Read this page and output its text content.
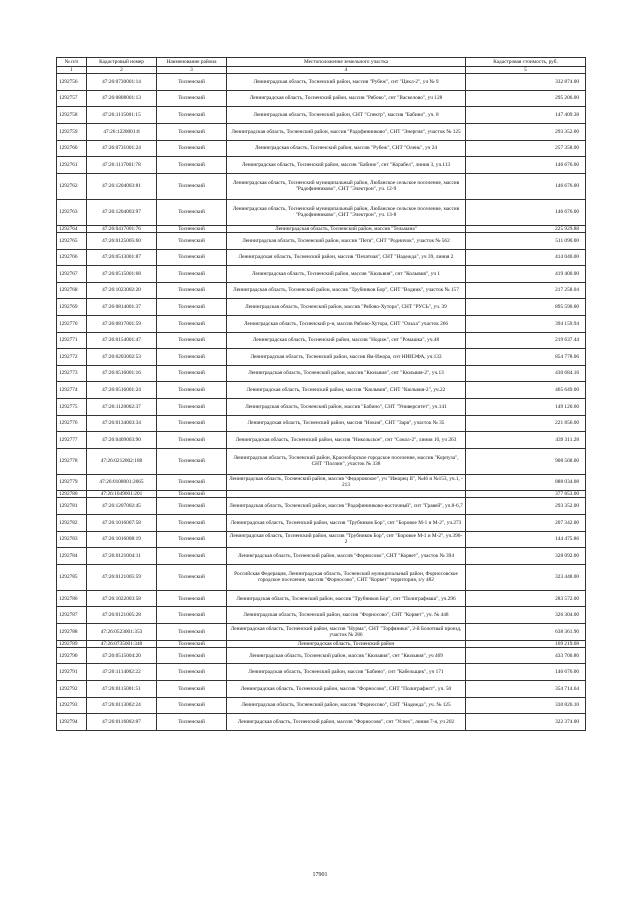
№ п/п	Кадастровый номер	Наименование района	Местоположение земельного участка	Кадастровая стоимость, руб.
1	2	3	4	5
1292756	47:26:0730001:14	Тосненский	Ленинградская область, Тосненский район, массив "Рубеж", снт "Цикл-2", уч № 9	332 874.00
1292757	47:26:0808001:13	Тосненский	Ленинградская область, Тосненский район, массив "Рябово", снт "Васкелово", уч 128	295 206.00
1292758	47:26:1115001:15	Тосненский	Ленинградская область, Тосненский район, СНТ "Спектр", массив "Бабино", уч. 8	147 409.38
1292759	47:26:1220001:8	Тосненский	Ленинградская область, Тосненский район, массив "Радофинниково", СНТ "Энергия", участок № 125	293 352.00
1292760	47:26:0731001:24	Тосненский	Ленинградская область, Тосненский район, массив "Рубеж", СНТ "Олень", уч 24	257 358.00
1292761	47:26:1117001:78	Тосненский	Ленинградская область, Тосненский район, массив "Бабино", снт "Корабел", линия 3, уч.113	146 676.00
1292762	47:26:1204003:81	Тосненский	Ленинградская область, Тосненский муниципальный район, Любанское сельское поселение, массив "Радофинниково", СНТ "Электрон", уч. 12-9	146 676.00
1292763	47:26:1204003:97	Тосненский	Ленинградская область, Тосненский муниципальный район, Любанское сельское поселение, массив "Радофинниково", СНТ "Электрон", уч. 13-8	146 676.00
1292764	47:26:0417001:76	Тосненский	Ленинградская область, Тосненский район, массив "Тельмана"	225 929.88
1292765	47:26:0125005:60	Тосненский	Ленинградская область, Тосненский район, массив "Петя", СНТ "Родничок", участок № 562	511 090.00
1292766	47:26:0513001:87	Тосненский	Ленинградская область, Тосненский район, массив "Печатная", СНТ "Надежда", уч 39, линия 2	414 040.00
1292767	47:26:0515001:68	Тосненский	Ленинградская область, Тосненский район, массив "Кюльвия", снт "Колывия", уч 1	419 400.00
1292768	47:26:1023002:20	Тосненский	Ленинградская область, Тосненский район, массив "Трубников Бор", СНТ "Водник", участок № 157	217 258.04
1292769	47:26:0814001:37	Тосненский	Ленинградская область, Тосненский район, массив "Рябово-Хутора", СНТ "РУСЬ", уч. 39	895 590.00
1292770	47:26:0817001:59	Тосненский	Ленинградская область, Тосненский р-н, массив Рябово-Хутора, СНТ "Ольха" участок 266	394 159.94
1292771	47:26:0154001:47	Тосненский	Ленинградская область, Тосненский район, массив "Нодиж", снт "Ромашка", уч.48	219 637.44
1292772	47:26:0203002:53	Тосненский	Ленинградская область, Тосненский район, массив Ям-Ижора, снт НИИЭФА, уч.133	854 778.06
1292773	47:26:0516001:16	Тосненский	Ленинградская область, Тосненский район, массив "Кюльвия", снт "Кюльвия-2", уч.13	430 684.16
1292774	47:26:0516001:24	Тосненский	Ленинградская область, Тосненский район, массив "Кюльвия", СНТ "Кюльвия-2", уч.22	465 649.00
1292775	47:26:1120002:37	Тосненский	Ленинградская область, Тосненский район, массив "Бабино", СНТ "Университет", уч.141	149 120.60
1292776	47:26:0134003:34	Тосненский	Ленинградская область, Тосненский район, массив "Нокия", СНТ "Заря", участок № 35	221 856.00
1292777	47:26:0409003:90	Тосненский	Ленинградская область, Тосненский район, массив "Никольское", снт "Сокол-2", линия 10, уч 263	439 311.28
1292778	47:26:0212002:180	Тосненский	Ленинградская область, Тосненский район, Красноборское городское поселение, массив "Корпуза", СНТ "Ползин", участок № 338	908 568.00
1292779	47:26:0108001:2665	Тосненский	Ленинградская область, Тосненский район, массив "Федоровское", уч "Ижорец II", №46 и №153, уч.1, - 213	888 034.08
1292780	47:26:1049001:201	Тосненский		377 853.00
1292781	47:26:1207002:45	Тосненский	Ленинградская область, Тосненский район, массив "Радофинниково-восточный", снт "Гравей", уч.8-6,7	293 352.00
1292782	47:26:1016007:58	Тосненский	Ленинградская область, Тосненский район, массив "Трубников Бор", снт "Боровое М-1 и М-2", уч.273	207 342.00
1292783	47:26:1016008:19	Тосненский	Ленинградская область, Тосненский район, массив "Трубников Бор", снт "Боровое М-1 и М-2", уч.390-2	144 475.86
1292784	47:26:0121004:11	Тосненский	Ленинградская область, Тосненский район, массив "Форносово", СНТ "Корвет", участок № 394	328 092.00
1292785	47:26:0121005:59	Тосненский	Российская Федерация, Ленинградская область, Тосненский муниципальный район, Форносовское городское поселение, массив "Форносово", СНТ "Корвет" территория, з/у 482	323 448.00
1292786	47:26:1022003:58	Тосненский	Ленинградская область, Тосненский район, массив "Трубников Бор", снт "Полиграфмаш", уч.296	283 572.00
1292787	47:26:0121005:28	Тосненский	Ленинградская область, Тосненский район, массив "Форносово", СНТ "Корвет", уч. № 448	326 304.00
1292788	47:26:0523001:353	Тосненский	Ленинградская область, Тосненский район, массив "Нурма", СНТ "Торфяники", 2-й Болотный проезд, участок № 286	638 361.90
1292789	47:26:0735001:340	Тосненский	Ленинградская область, Тосненский район	169 219.08
1292790	47:26:0515004:20	Тосненский	Ленинградская область, Тосненский район, массив "Кюльвия", снт "Кюльвия", уч 469	433 700.80
1292791	47:26:1114002:22	Тосненский	Ленинградская область, Тосненский район, массив "Бабино", снт "Кабельщик", уч 171	146 676.00
1292792	47:26:0115001:51	Тосненский	Ленинградская область, Тосненский район, массив "Форносово", СНТ "Полиграфист", уч. 50	354 714.64
1292793	47:26:0113002:24	Тосненский	Ленинградская область, Тосненский район, массив "Форносово", СНТ "Надежда", уч. № 125	330 826.10
1292794	47:26:0116002:87	Тосненский	Ленинградская область, Тосненский район, массив "Форносово", снт "Успех", линия 7-я, уч 202	322 374.00
17901
